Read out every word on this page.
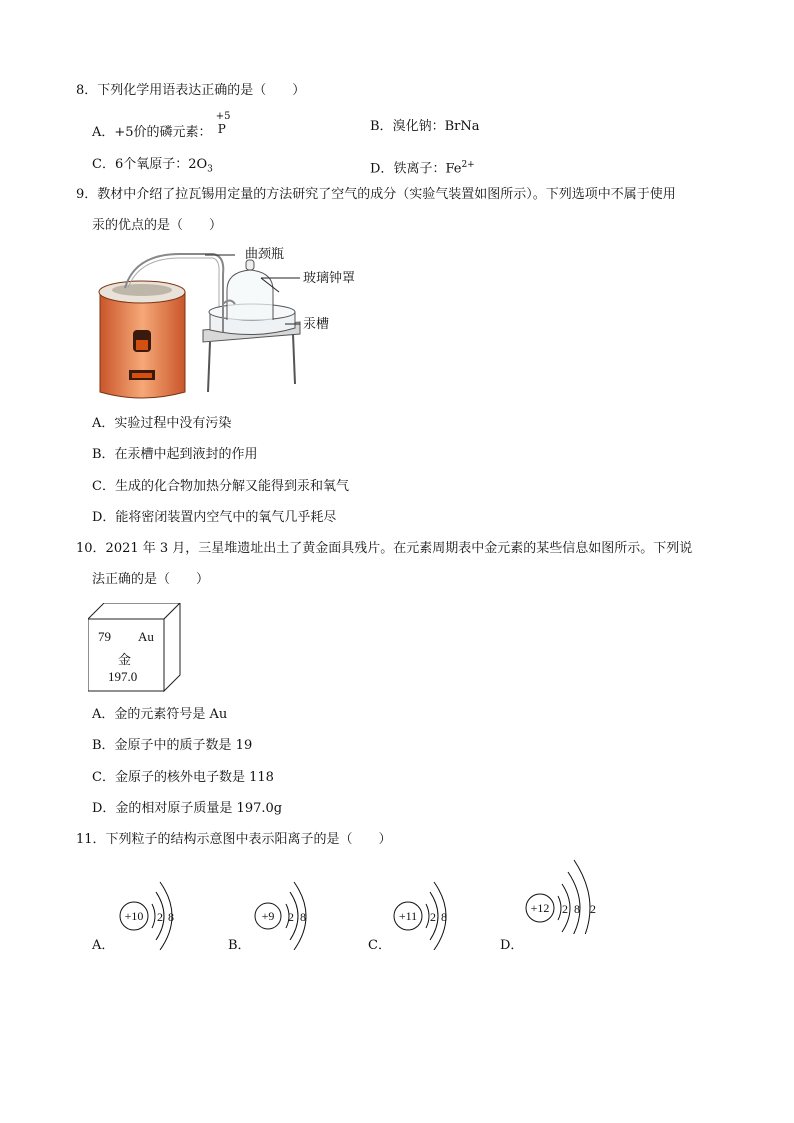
8．下列化学用语表达正确的是（　　）
A．+5价的磷元素：
+5
P	B．溴化钠：BrNa
C．6个氧原子：$2O_3$	D．铁离子：$Fe^{2+}$
9．教材中介绍了拉瓦锡用定量的方法研究了空气的成分（实验气装置如图所示）。下列选项中不属于使用
汞的优点的是（　　）
曲颈瓶
玻璃钟罩
汞槽
A．实验过程中没有污染
B．在汞槽中起到液封的作用
C．生成的化合物加热分解又能得到汞和氧气
D．能将密闭装置内空气中的氧气几乎耗尽
10．2021 年 3 月，三星堆遗址出土了黄金面具残片。在元素周期表中金元素的某些信息如图所示。下列说
法正确的是（　　）
79 Au
金
197.0
A．金的元素符号是 Au
B．金原子中的质子数是 19
C．金原子的核外电子数是 118
D．金的相对原子质量是 197.0g
11．下列粒子的结构示意图中表示阳离子的是（　　）
A．
+10 2 8
B．
+9 2 8
C．
+11 2 8
D．
+12 2 8 2
